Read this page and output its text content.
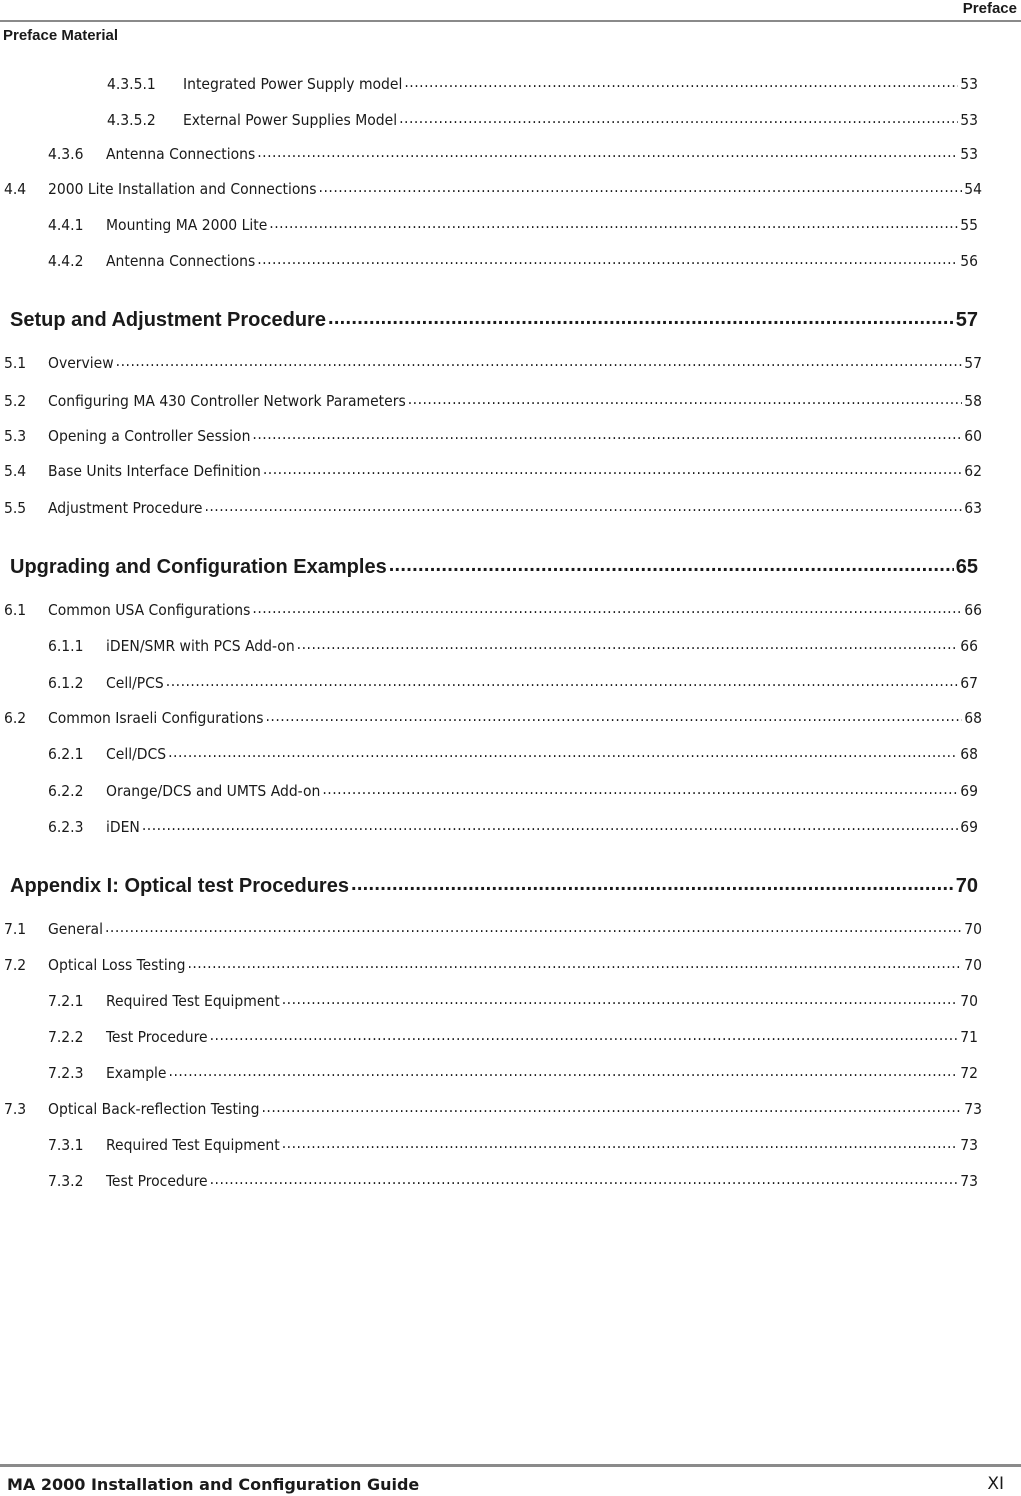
Preface
Preface Material
4.3.5.1	Integrated Power Supply model .....	53
4.3.5.2	External Power Supplies Model .....	53
4.3.6	Antenna Connections .....	53
4.4	2000 Lite Installation and Connections .....	54
4.4.1	Mounting MA 2000 Lite .....	55
4.4.2	Antenna Connections .....	56
Setup and Adjustment Procedure .....	57
5.1	Overview .....	57
5.2	Configuring MA 430 Controller Network Parameters .....	58
5.3	Opening a Controller Session .....	60
5.4	Base Units Interface Definition .....	62
5.5	Adjustment Procedure .....	63
Upgrading and Configuration Examples .....	65
6.1	Common USA Configurations .....	66
6.1.1	iDEN/SMR with PCS Add-on .....	66
6.1.2	Cell/PCS .....	67
6.2	Common Israeli Configurations .....	68
6.2.1	Cell/DCS .....	68
6.2.2	Orange/DCS and UMTS Add-on .....	69
6.2.3	iDEN .....	69
Appendix I: Optical test Procedures .....	70
7.1	General .....	70
7.2	Optical Loss Testing .....	70
7.2.1	Required Test Equipment .....	70
7.2.2	Test Procedure .....	71
7.2.3	Example .....	72
7.3	Optical Back-reflection Testing .....	73
7.3.1	Required Test Equipment .....	73
7.3.2	Test Procedure .....	73
MA 2000 Installation and Configuration Guide	XI
